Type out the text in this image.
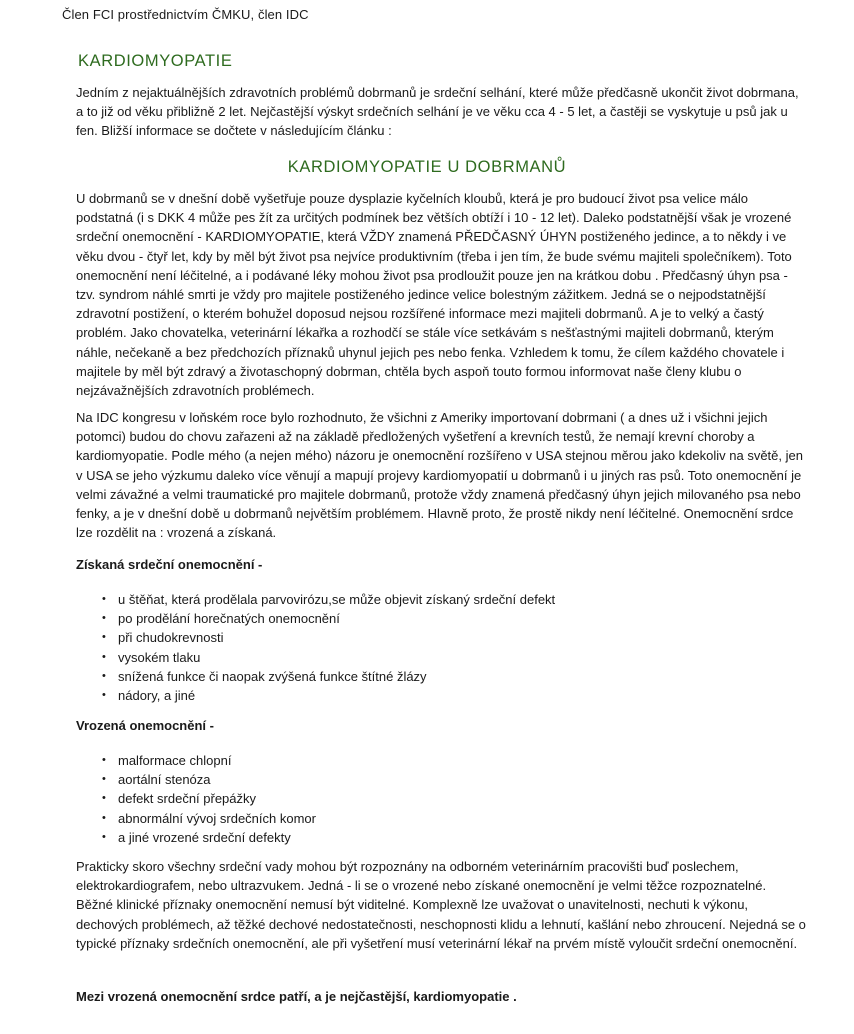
Člen FCI prostřednictvím ČMKU, člen IDC
KARDIOMYOPATIE
Jedním z nejaktuálnějších zdravotních problémů dobrmanů je srdeční selhání, které může předčasně ukončit život dobrmana, a to již od věku přibližně 2 let. Nejčastější výskyt srdečních selhání je ve věku cca 4 - 5 let, a častěji se vyskytuje u psů jak u fen. Bližší informace se dočtete v následujícím článku :
KARDIOMYOPATIE U DOBRMANŮ
U dobrmanů se v dnešní době vyšetřuje pouze dysplazie kyčelních kloubů, která je pro budoucí život psa velice málo podstatná (i s DKK 4 může pes žít za určitých podmínek bez větších obtíží i 10 - 12 let). Daleko podstatnější však je vrozené srdeční onemocnění - KARDIOMYOPATIE, která VŽDY znamená PŘEDČASNÝ ÚHYN postiženého jedince, a to někdy i ve věku dvou - čtyř let, kdy by měl být život psa nejvíce produktivním (třeba i jen tím, že bude svému majiteli společníkem). Toto onemocnění není léčitelné, a i podávané léky mohou život psa prodloužit pouze jen na krátkou dobu . Předčasný úhyn psa - tzv. syndrom náhlé smrti je vždy pro majitele postiženého jedince velice bolestným zážitkem. Jedná se o nejpodstatnější zdravotní postižení, o kterém bohužel doposud nejsou rozšířené informace mezi majiteli dobrmanů. A je to velký a častý problém. Jako chovatelka, veterinární lékařka a rozhodčí se stále více setkávám s nešťastnými majiteli dobrmanů, kterým náhle, nečekaně a bez předchozích příznaků uhynul jejich pes nebo fenka. Vzhledem k tomu, že cílem každého chovatele i majitele by měl být zdravý a životaschopný dobrman, chtěla bych aspoň touto formou informovat naše členy klubu o nejzávažnějších zdravotních problémech.
Na IDC kongresu v loňském roce bylo rozhodnuto, že všichni z Ameriky importovaní dobrmani ( a dnes už i všichni jejich potomci) budou do chovu zařazeni až na základě předložených vyšetření a krevních testů, že nemají krevní choroby a kardiomyopatie. Podle mého (a nejen mého) názoru je onemocnění rozšířeno v USA stejnou měrou jako kdekoliv na světě, jen v USA se jeho výzkumu daleko více věnují a mapují projevy kardiomyopatií u dobrmanů i u jiných ras psů. Toto onemocnění je velmi závažné a velmi traumatické pro majitele dobrmanů, protože vždy znamená předčasný úhyn jejich milovaného psa nebo fenky, a je v dnešní době u dobrmanů největším problémem. Hlavně proto, že prostě nikdy není léčitelné. Onemocnění srdce lze rozdělit na : vrozená a získaná.
Získaná srdeční onemocnění -
• u štěňat, která prodělala parvovirózu,se může objevit získaný srdeční defekt
• po prodělání horečnatých onemocnění
• při chudokrevnosti
• vysokém tlaku
• snížená funkce či naopak zvýšená funkce štítné žlázy
• nádory, a jiné
Vrozená onemocnění -
• malformace chlopní
• aortální stenóza
• defekt srdeční přepážky
• abnormální vývoj srdečních komor
• a jiné vrozené srdeční defekty
Prakticky skoro všechny srdeční vady mohou být rozpoznány na odborném veterinárním pracovišti buď poslechem, elektrokardiografem, nebo ultrazvukem. Jedná - li se o vrozené nebo získané onemocnění je velmi těžce rozpoznatelné. Běžné klinické příznaky onemocnění nemusí být viditelné. Komplexně lze uvažovat o unavitelnosti, nechuti k výkonu, dechových problémech, až těžké dechové nedostatečnosti, neschopnosti klidu a lehnutí, kašlání nebo zhroucení. Nejedná se o typické příznaky srdečních onemocnění, ale při vyšetření musí veterinární lékař na prvém místě vyloučit srdeční onemocnění.
Mezi vrozená onemocnění srdce patří, a je nejčastější, kardiomyopatie .
